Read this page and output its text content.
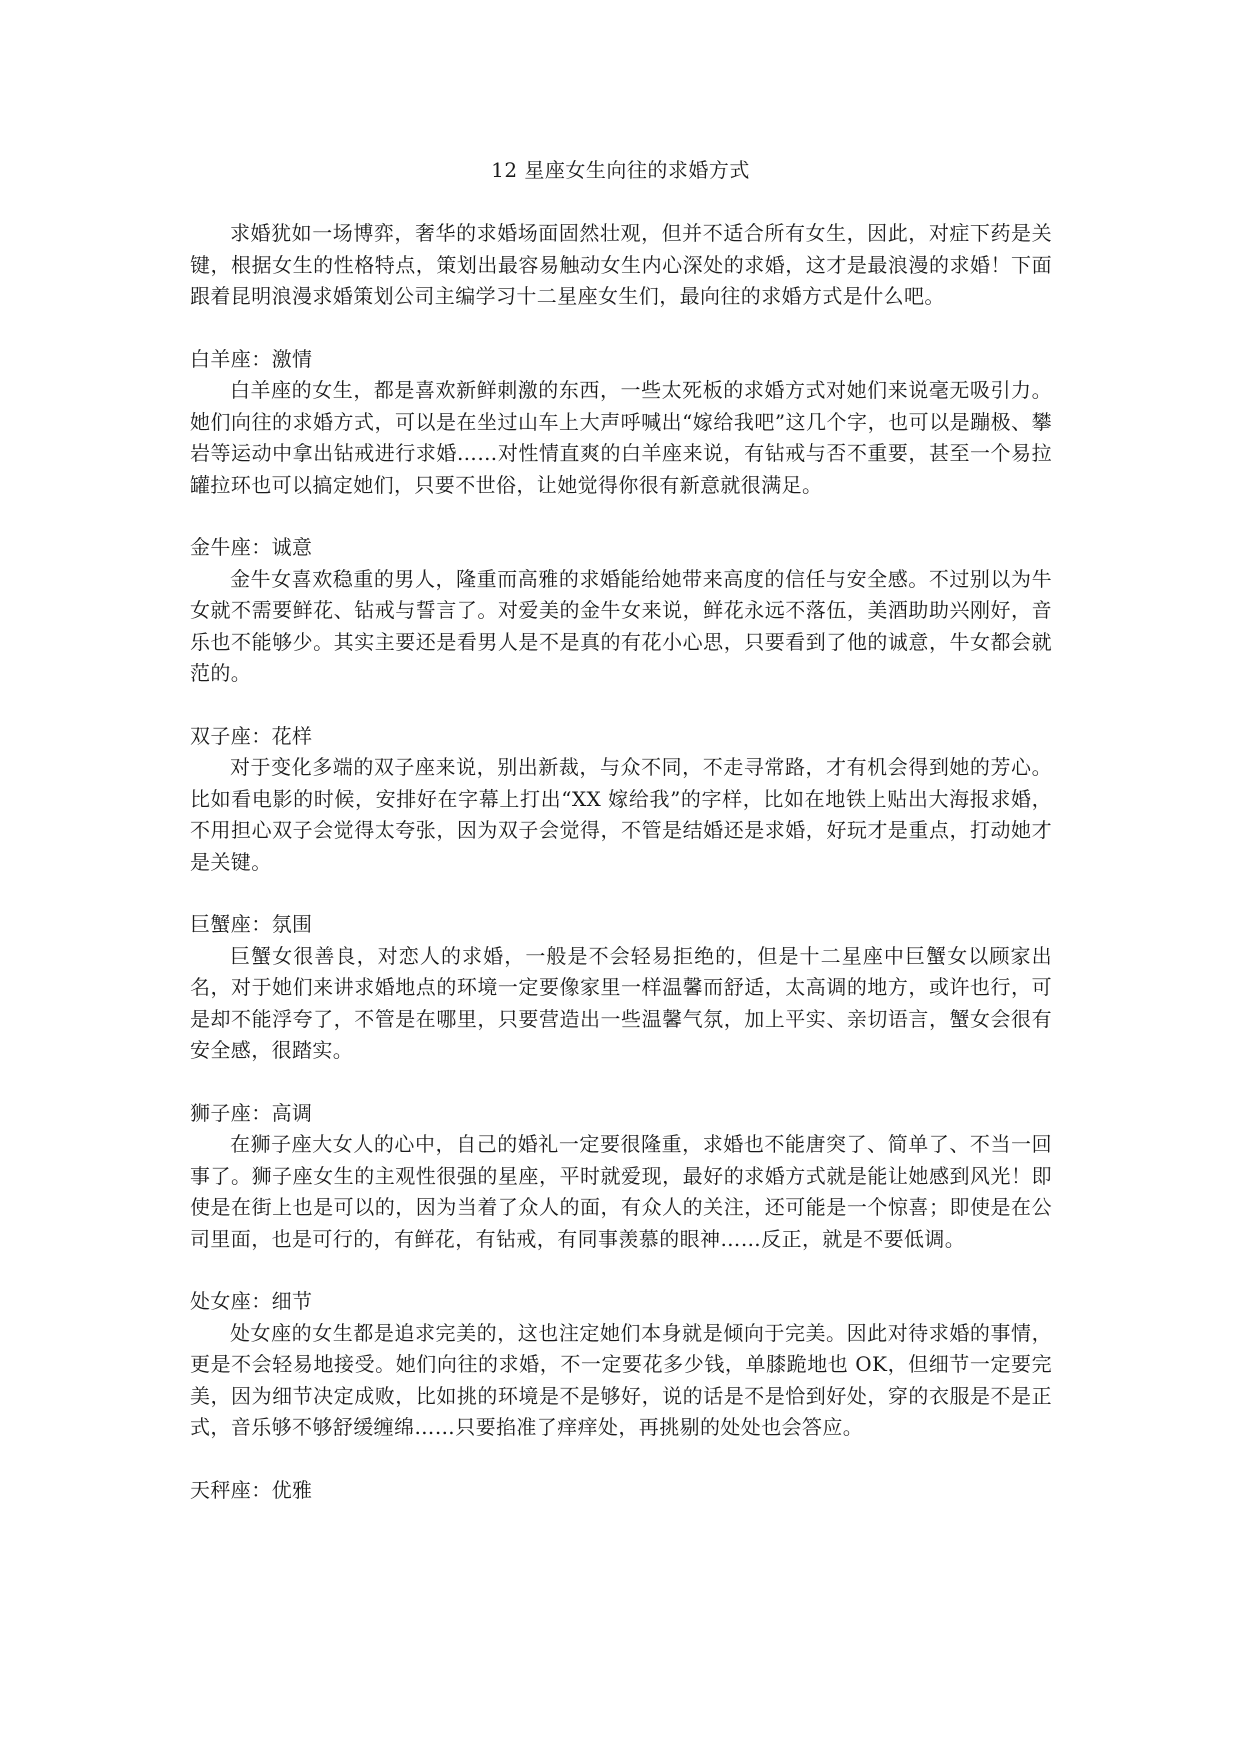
12 星座女生向往的求婚方式

求婚犹如一场博弈，奢华的求婚场面固然壮观，但并不适合所有女生，因此，对症下药是关键，根据女生的性格特点，策划出最容易触动女生内心深处的求婚，这才是最浪漫的求婚！下面跟着昆明浪漫求婚策划公司主编学习十二星座女生们，最向往的求婚方式是什么吧。

白羊座：激情

白羊座的女生，都是喜欢新鲜刺激的东西，一些太死板的求婚方式对她们来说毫无吸引力。她们向往的求婚方式，可以是在坐过山车上大声呼喊出“嫁给我吧”这几个字，也可以是蹦极、攀岩等运动中拿出钻戒进行求婚……对性情直爽的白羊座来说，有钻戒与否不重要，甚至一个易拉罐拉环也可以搞定她们，只要不世俗，让她觉得你很有新意就很满足。

金牛座：诚意

金牛女喜欢稳重的男人，隆重而高雅的求婚能给她带来高度的信任与安全感。不过别以为牛女就不需要鲜花、钻戒与誓言了。对爱美的金牛女来说，鲜花永远不落伍，美酒助助兴刚好，音乐也不能够少。其实主要还是看男人是不是真的有花小心思，只要看到了他的诚意，牛女都会就范的。

双子座：花样

对于变化多端的双子座来说，别出新裁，与众不同，不走寻常路，才有机会得到她的芳心。比如看电影的时候，安排好在字幕上打出“XX 嫁给我”的字样，比如在地铁上贴出大海报求婚，不用担心双子会觉得太夸张，因为双子会觉得，不管是结婚还是求婚，好玩才是重点，打动她才是关键。

巨蟹座：氛围

巨蟹女很善良，对恋人的求婚，一般是不会轻易拒绝的，但是十二星座中巨蟹女以顾家出名，对于她们来讲求婚地点的环境一定要像家里一样温馨而舒适，太高调的地方，或许也行，可是却不能浮夸了，不管是在哪里，只要营造出一些温馨气氛，加上平实、亲切语言，蟹女会很有安全感，很踏实。

狮子座：高调

在狮子座大女人的心中，自己的婚礼一定要很隆重，求婚也不能唐突了、简单了、不当一回事了。狮子座女生的主观性很强的星座，平时就爱现，最好的求婚方式就是能让她感到风光！即使是在街上也是可以的，因为当着了众人的面，有众人的关注，还可能是一个惊喜；即使是在公司里面，也是可行的，有鲜花，有钻戒，有同事羡慕的眼神……反正，就是不要低调。

处女座：细节

处女座的女生都是追求完美的，这也注定她们本身就是倾向于完美。因此对待求婚的事情，更是不会轻易地接受。她们向往的求婚，不一定要花多少钱，单膝跪地也 OK，但细节一定要完美，因为细节决定成败，比如挑的环境是不是够好，说的话是不是恰到好处，穿的衣服是不是正式，音乐够不够舒缓缠绵……只要掐准了痒痒处，再挑剔的处处也会答应。

天秤座：优雅
